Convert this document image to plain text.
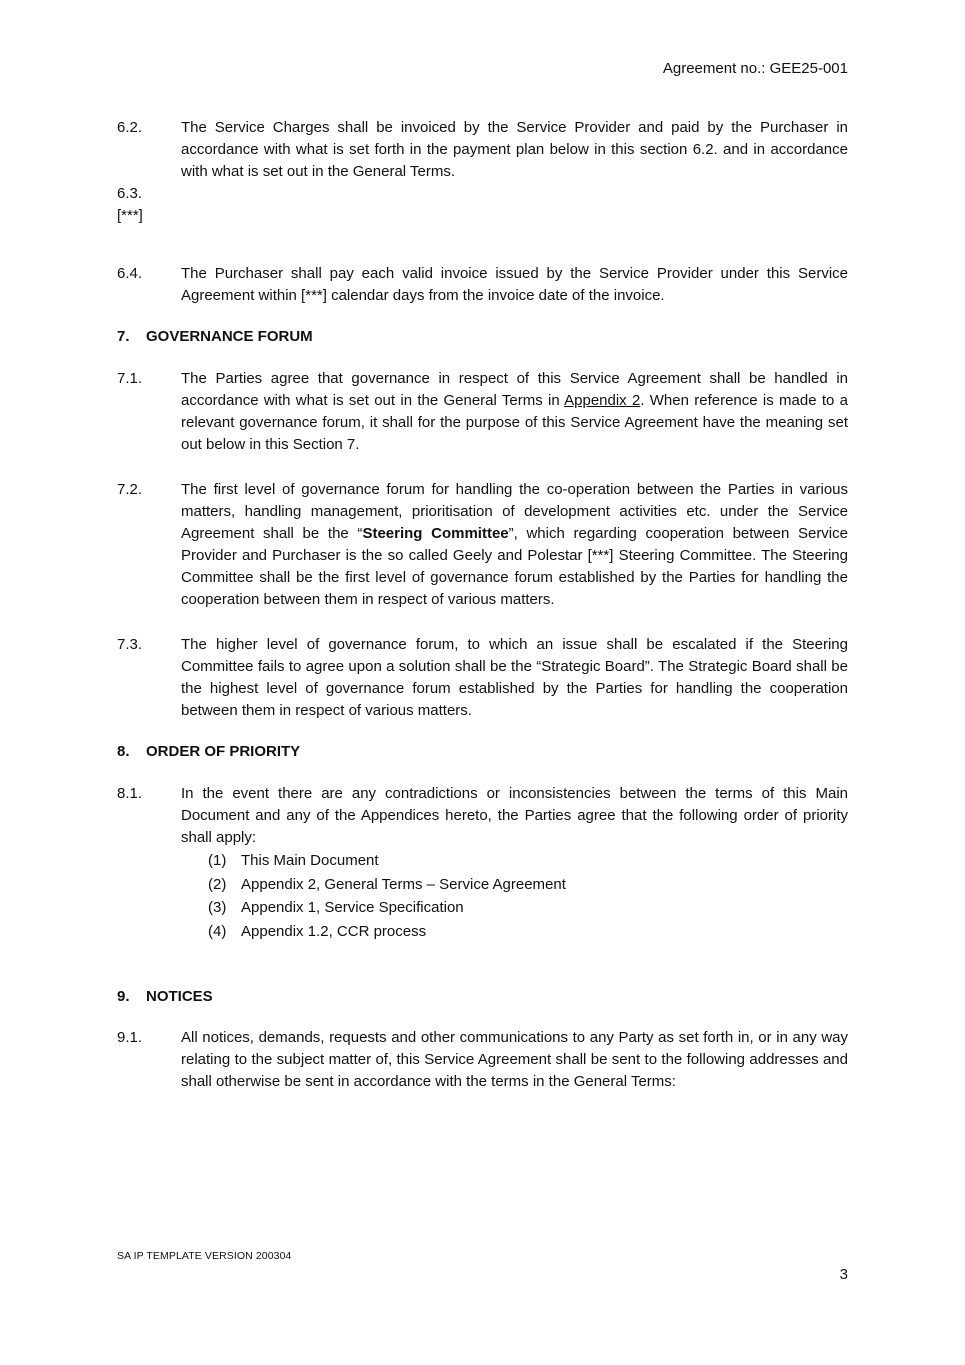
Agreement no.: GEE25-001
6.2.	The Service Charges shall be invoiced by the Service Provider and paid by the Purchaser in accordance with what is set forth in the payment plan below in this section 6.2. and in accordance with what is set out in the General Terms.
6.3.
[***]
6.4.	The Purchaser shall pay each valid invoice issued by the Service Provider under this Service Agreement within [***] calendar days from the invoice date of the invoice.
7. GOVERNANCE FORUM
7.1.	The Parties agree that governance in respect of this Service Agreement shall be handled in accordance with what is set out in the General Terms in Appendix 2. When reference is made to a relevant governance forum, it shall for the purpose of this Service Agreement have the meaning set out below in this Section 7.
7.2.	The first level of governance forum for handling the co-operation between the Parties in various matters, handling management, prioritisation of development activities etc. under the Service Agreement shall be the “Steering Committee”, which regarding cooperation between Service Provider and Purchaser is the so called Geely and Polestar [***] Steering Committee. The Steering Committee shall be the first level of governance forum established by the Parties for handling the cooperation between them in respect of various matters.
7.3.	The higher level of governance forum, to which an issue shall be escalated if the Steering Committee fails to agree upon a solution shall be the “Strategic Board”. The Strategic Board shall be the highest level of governance forum established by the Parties for handling the cooperation between them in respect of various matters.
8. ORDER OF PRIORITY
8.1.	In the event there are any contradictions or inconsistencies between the terms of this Main Document and any of the Appendices hereto, the Parties agree that the following order of priority shall apply:
(1) This Main Document
(2) Appendix 2, General Terms – Service Agreement
(3) Appendix 1, Service Specification
(4) Appendix 1.2, CCR process
9. NOTICES
9.1.	All notices, demands, requests and other communications to any Party as set forth in, or in any way relating to the subject matter of, this Service Agreement shall be sent to the following addresses and shall otherwise be sent in accordance with the terms in the General Terms:
SA IP TEMPLATE VERSION 200304
3
